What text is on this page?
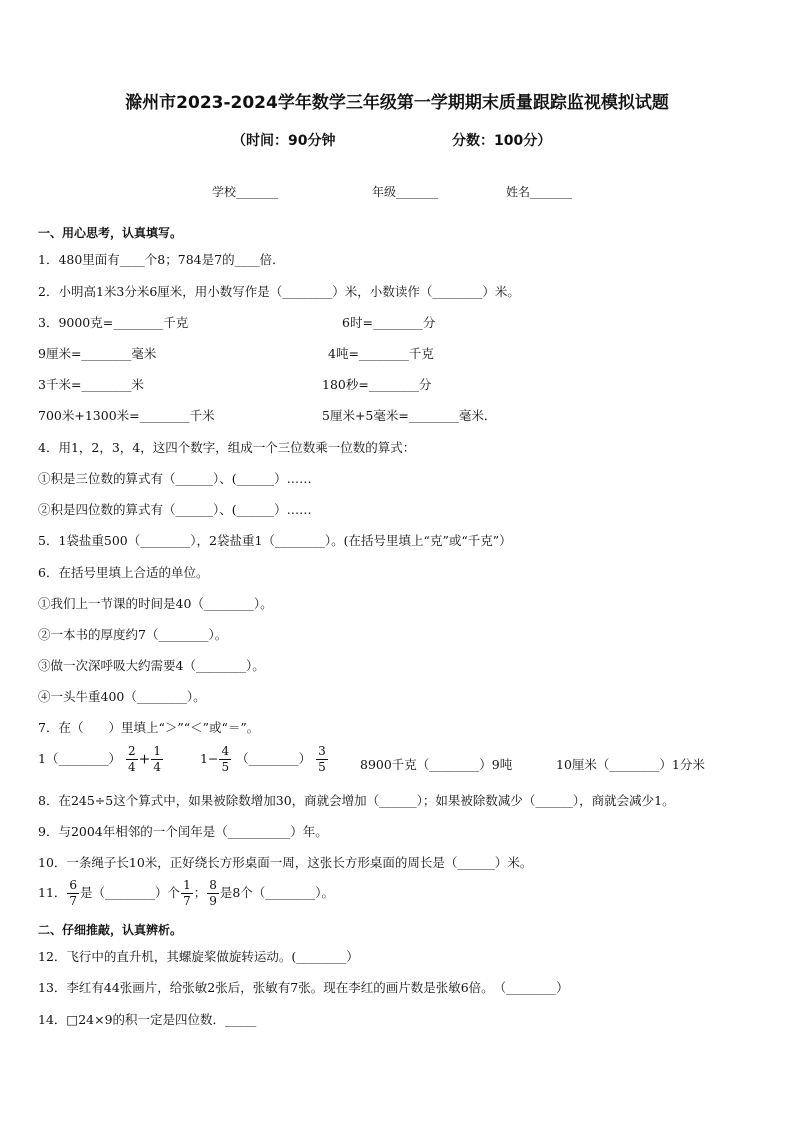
滁州市2023-2024学年数学三年级第一学期期末质量跟踪监视模拟试题
（时间：90分钟	分数：100分）
学校_______	年级_______	姓名_______
一、用心思考，认真填写。
1．480里面有____个8；784是7的____倍．
2．小明高1米3分米6厘米，用小数写作是（________）米，小数读作（________）米。
3．9000克=________千克	6时=________分
9厘米=________毫米	4吨=________千克
3千米=________米	180秒=________分
700米+1300米=________千米	5厘米+5毫米=________毫米．
4．用1，2，3，4，这四个数字，组成一个三位数乘一位数的算式：
①积是三位数的算式有（______）、(______）……
②积是四位数的算式有（______）、(______）……
5．1袋盐重500（________），2袋盐重1（________）。(在括号里填上“克”或“千克”）
6．在括号里填上合适的单位。
①我们上一节课的时间是40（________）。
②一本书的厚度约7（________）。
③做一次深呼吸大约需要4（________）。
④一头牛重400（________）。
7．在（　　）里填上“＞”“＜”或“＝”。
1（________） $\frac{2}{4} + \frac{1}{4}$	$1- \frac{4}{5}$ （________） $\frac{3}{5}$	8900千克（________）9吨	10厘米（________）1分米
8．在245÷5这个算式中，如果被除数增加30，商就会增加（______）；如果被除数减少（______），商就会减少1。
9．与2004年相邻的一个闰年是（__________）年。
10．一条绳子长10米，正好绕长方形桌面一周，这张长方形桌面的周长是（______）米。
11． $\frac{6}{7}$ 是（________）个 $\frac{1}{7}$ ； $\frac{8}{9}$ 是8个（________）。
二、仔细推敲，认真辨析。
12．飞行中的直升机，其螺旋桨做旋转运动。(________）
13．李红有44张画片，给张敏2张后，张敏有7张。现在李红的画片数是张敏6倍。　（________）
14．□24×9的积一定是四位数．_____
